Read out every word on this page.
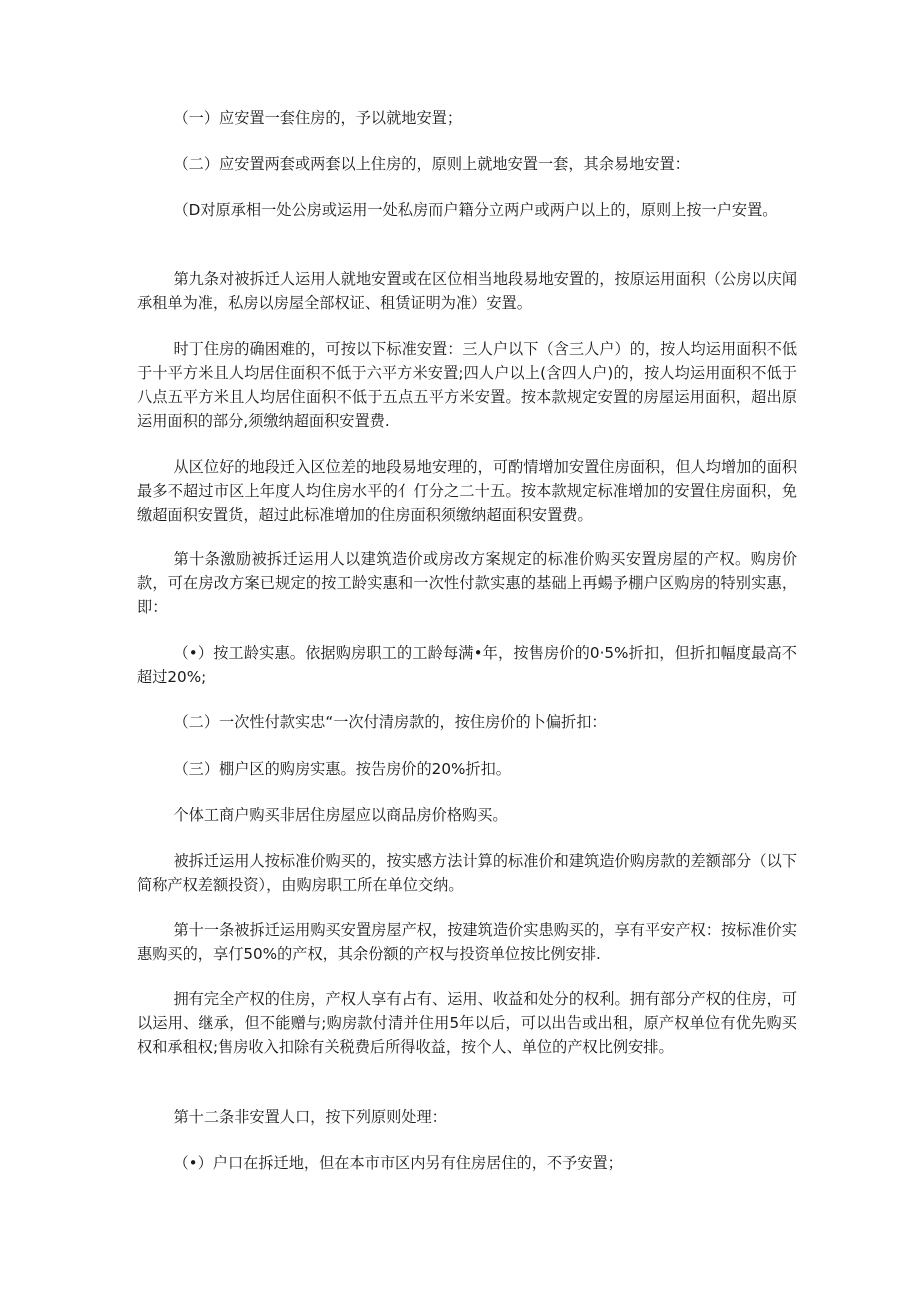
（一）应安置一套住房的，予以就地安置；

（二）应安置两套或两套以上住房的，原则上就地安置一套，其余易地安置：

（D对原承相一处公房或运用一处私房而户籍分立两户或两户以上的，原则上按一户安置。

第九条对被拆迁人运用人就地安置或在区位相当地段易地安置的，按原运用面积（公房以庆闻承租单为准，私房以房屋全部权证、租赁证明为准）安置。

时丁住房的确困难的，可按以下标准安置：三人户以下（含三人户）的，按人均运用面积不低于十平方米且人均居住面积不低于六平方米安置;四人户以上(含四人户)的，按人均运用面积不低于八点五平方米且人均居住面积不低于五点五平方米安置。按本款规定安置的房屋运用面积，超出原运用面积的部分,须缴纳超面积安置费.

从区位好的地段迁入区位差的地段易地安理的，可酌情增加安置住房面积，但人均增加的面积最多不超过市区上年度人均住房水平的亻仃分之二十五。按本款规定标准增加的安置住房面积，免缴超面积安置货，超过此标准增加的住房面积须缴纳超面积安置费。

第十条激励被拆迁运用人以建筑造价或房改方案规定的标准价购买安置房屋的产权。购房价款，可在房改方案已规定的按工龄实惠和一次性付款实惠的基础上再蝪予棚户区购房的特别实惠，即：

（•）按工龄实惠。依据购房职工的工龄每满•年，按售房价的0·5%折扣，但折扣幅度最高不超过20%;

（二）一次性付款实忠“一次付清房款的，按住房价的卜偏折扣：

（三）棚户区的购房实惠。按告房价的20%折扣。

个体工商户购买非居住房屋应以商品房价格购买。

被拆迁运用人按标准价购买的，按实感方法计算的标准价和建筑造价购房款的差额部分（以下简称产权差额投资），由购房职工所在单位交纳。

第十一条被拆迁运用购买安置房屋产权，按建筑造价实患购买的，享有平安产权：按标准价实惠购买的，享仃50%的产权，其余份额的产权与投资单位按比例安排.

拥有完全产权的住房，产权人享有占有、运用、收益和处分的权利。拥有部分产权的住房，可以运用、继承，但不能赠与;购房款付清并住用5年以后，可以出告或出租，原产权单位有优先购买权和承租权;售房收入扣除有关税费后所得收益，按个人、单位的产权比例安排。

第十二条非安置人口，按下列原则处理：

（•）户口在拆迁地，但在本市市区内另有住房居住的，不予安置；
